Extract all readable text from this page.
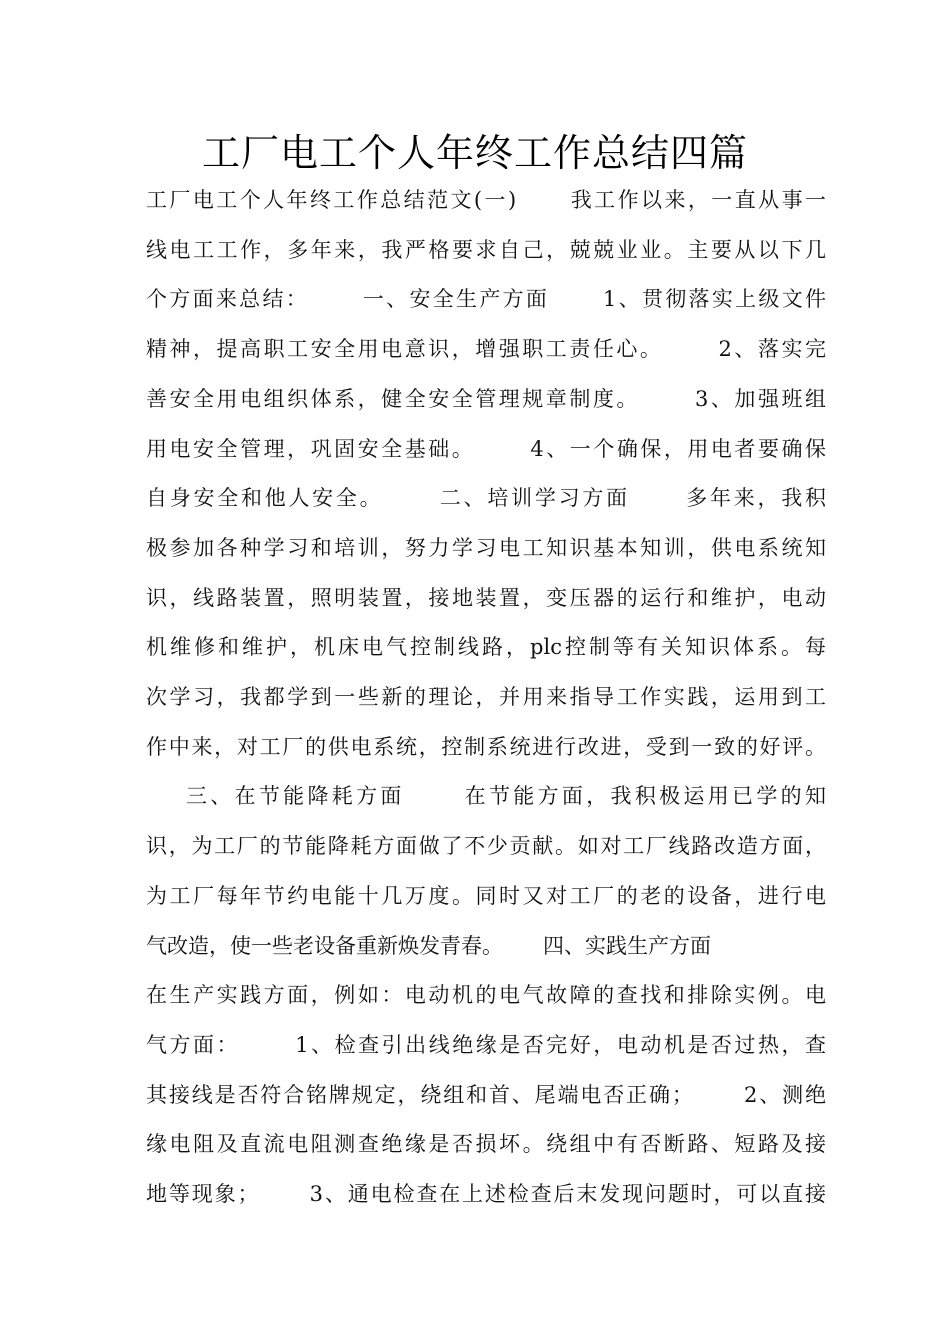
工厂电工个人年终工作总结四篇
工厂电工个人年终工作总结范文(一)      我工作以来，一直从事一
线电工工作，多年来，我严格要求自己，兢兢业业。主要从以下几
个方面来总结：      一、安全生产方面      1、贯彻落实上级文件
精神，提高职工安全用电意识，增强职工责任心。      2、落实完
善安全用电组织体系，健全安全管理规章制度。      3、加强班组
用电安全管理，巩固安全基础。      4、一个确保，用电者要确保
自身安全和他人安全。      二、培训学习方面      多年来，我积
极参加各种学习和培训，努力学习电工知识基本知训，供电系统知
识，线路装置，照明装置，接地装置，变压器的运行和维护，电动
机维修和维护，机床电气控制线路，plc控制等有关知识体系。每
次学习，我都学到一些新的理论，并用来指导工作实践，运用到工
作中来，对工厂的供电系统，控制系统进行改进，受到一致的好评。
三、在节能降耗方面      在节能方面，我积极运用已学的知
识，为工厂的节能降耗方面做了不少贡献。如对工厂线路改造方面，
为工厂每年节约电能十几万度。同时又对工厂的老的设备，进行电
气改造，使一些老设备重新焕发青春。      四、实践生产方面
在生产实践方面，例如：电动机的电气故障的查找和排除实例。电
气方面：      1、检查引出线绝缘是否完好，电动机是否过热，查
其接线是否符合铭牌规定，绕组和首、尾端电否正确；      2、测绝
缘电阻及直流电阻测查绝缘是否损坏。绕组中有否断路、短路及接
地等现象；      3、通电检查在上述检查后末发现问题时，可以直接
